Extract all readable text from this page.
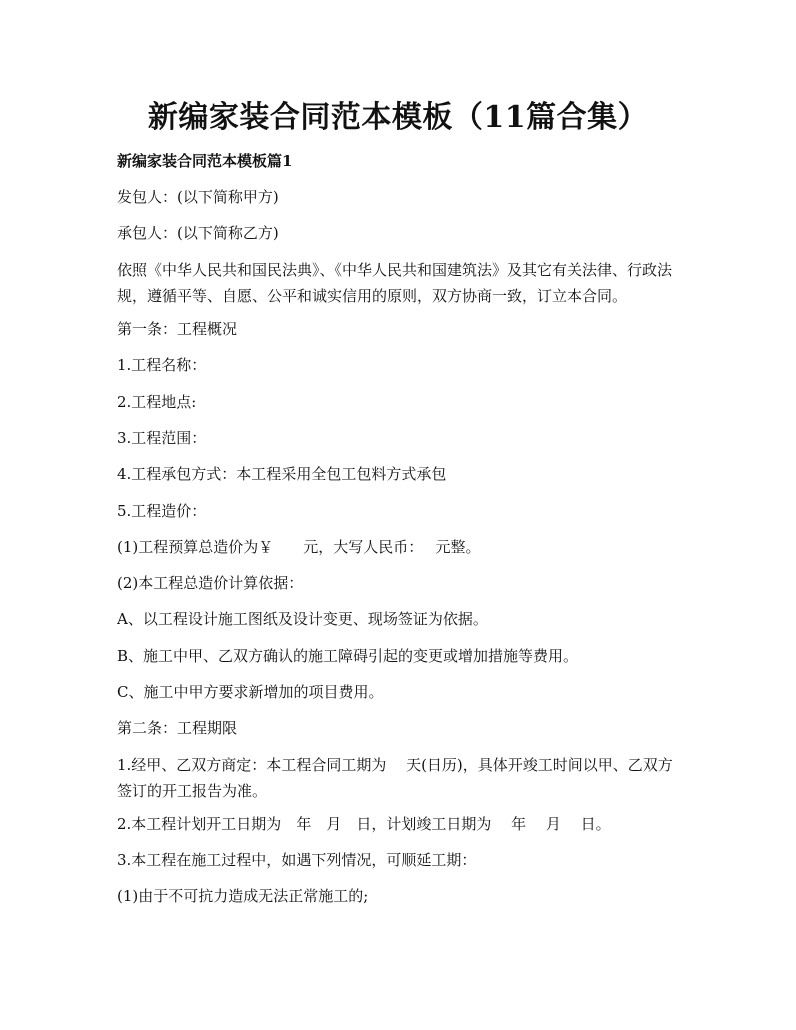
新编家装合同范本模板（11篇合集）
新编家装合同范本模板篇1
发包人：(以下简称甲方)
承包人：(以下简称乙方)
依照《中华人民共和国民法典》、《中华人民共和国建筑法》及其它有关法律、行政法规，遵循平等、自愿、公平和诚实信用的原则，双方协商一致，订立本合同。
第一条：工程概况
1.工程名称：
2.工程地点:
3.工程范围：
4.工程承包方式：本工程采用全包工包料方式承包
5.工程造价：
(1)工程预算总造价为￥　　元，大写人民币：　 元整。
(2)本工程总造价计算依据：
A、以工程设计施工图纸及设计变更、现场签证为依据。
B、施工中甲、乙双方确认的施工障碍引起的变更或增加措施等费用。
C、施工中甲方要求新增加的项目费用。
第二条：工程期限
1.经甲、乙双方商定：本工程合同工期为　 天(日历)，具体开竣工时间以甲、乙双方签订的开工报告为准。
2.本工程计划开工日期为　年　月　日，计划竣工日期为　 年　 月　 日。
3.本工程在施工过程中，如遇下列情况，可顺延工期：
(1)由于不可抗力造成无法正常施工的;
